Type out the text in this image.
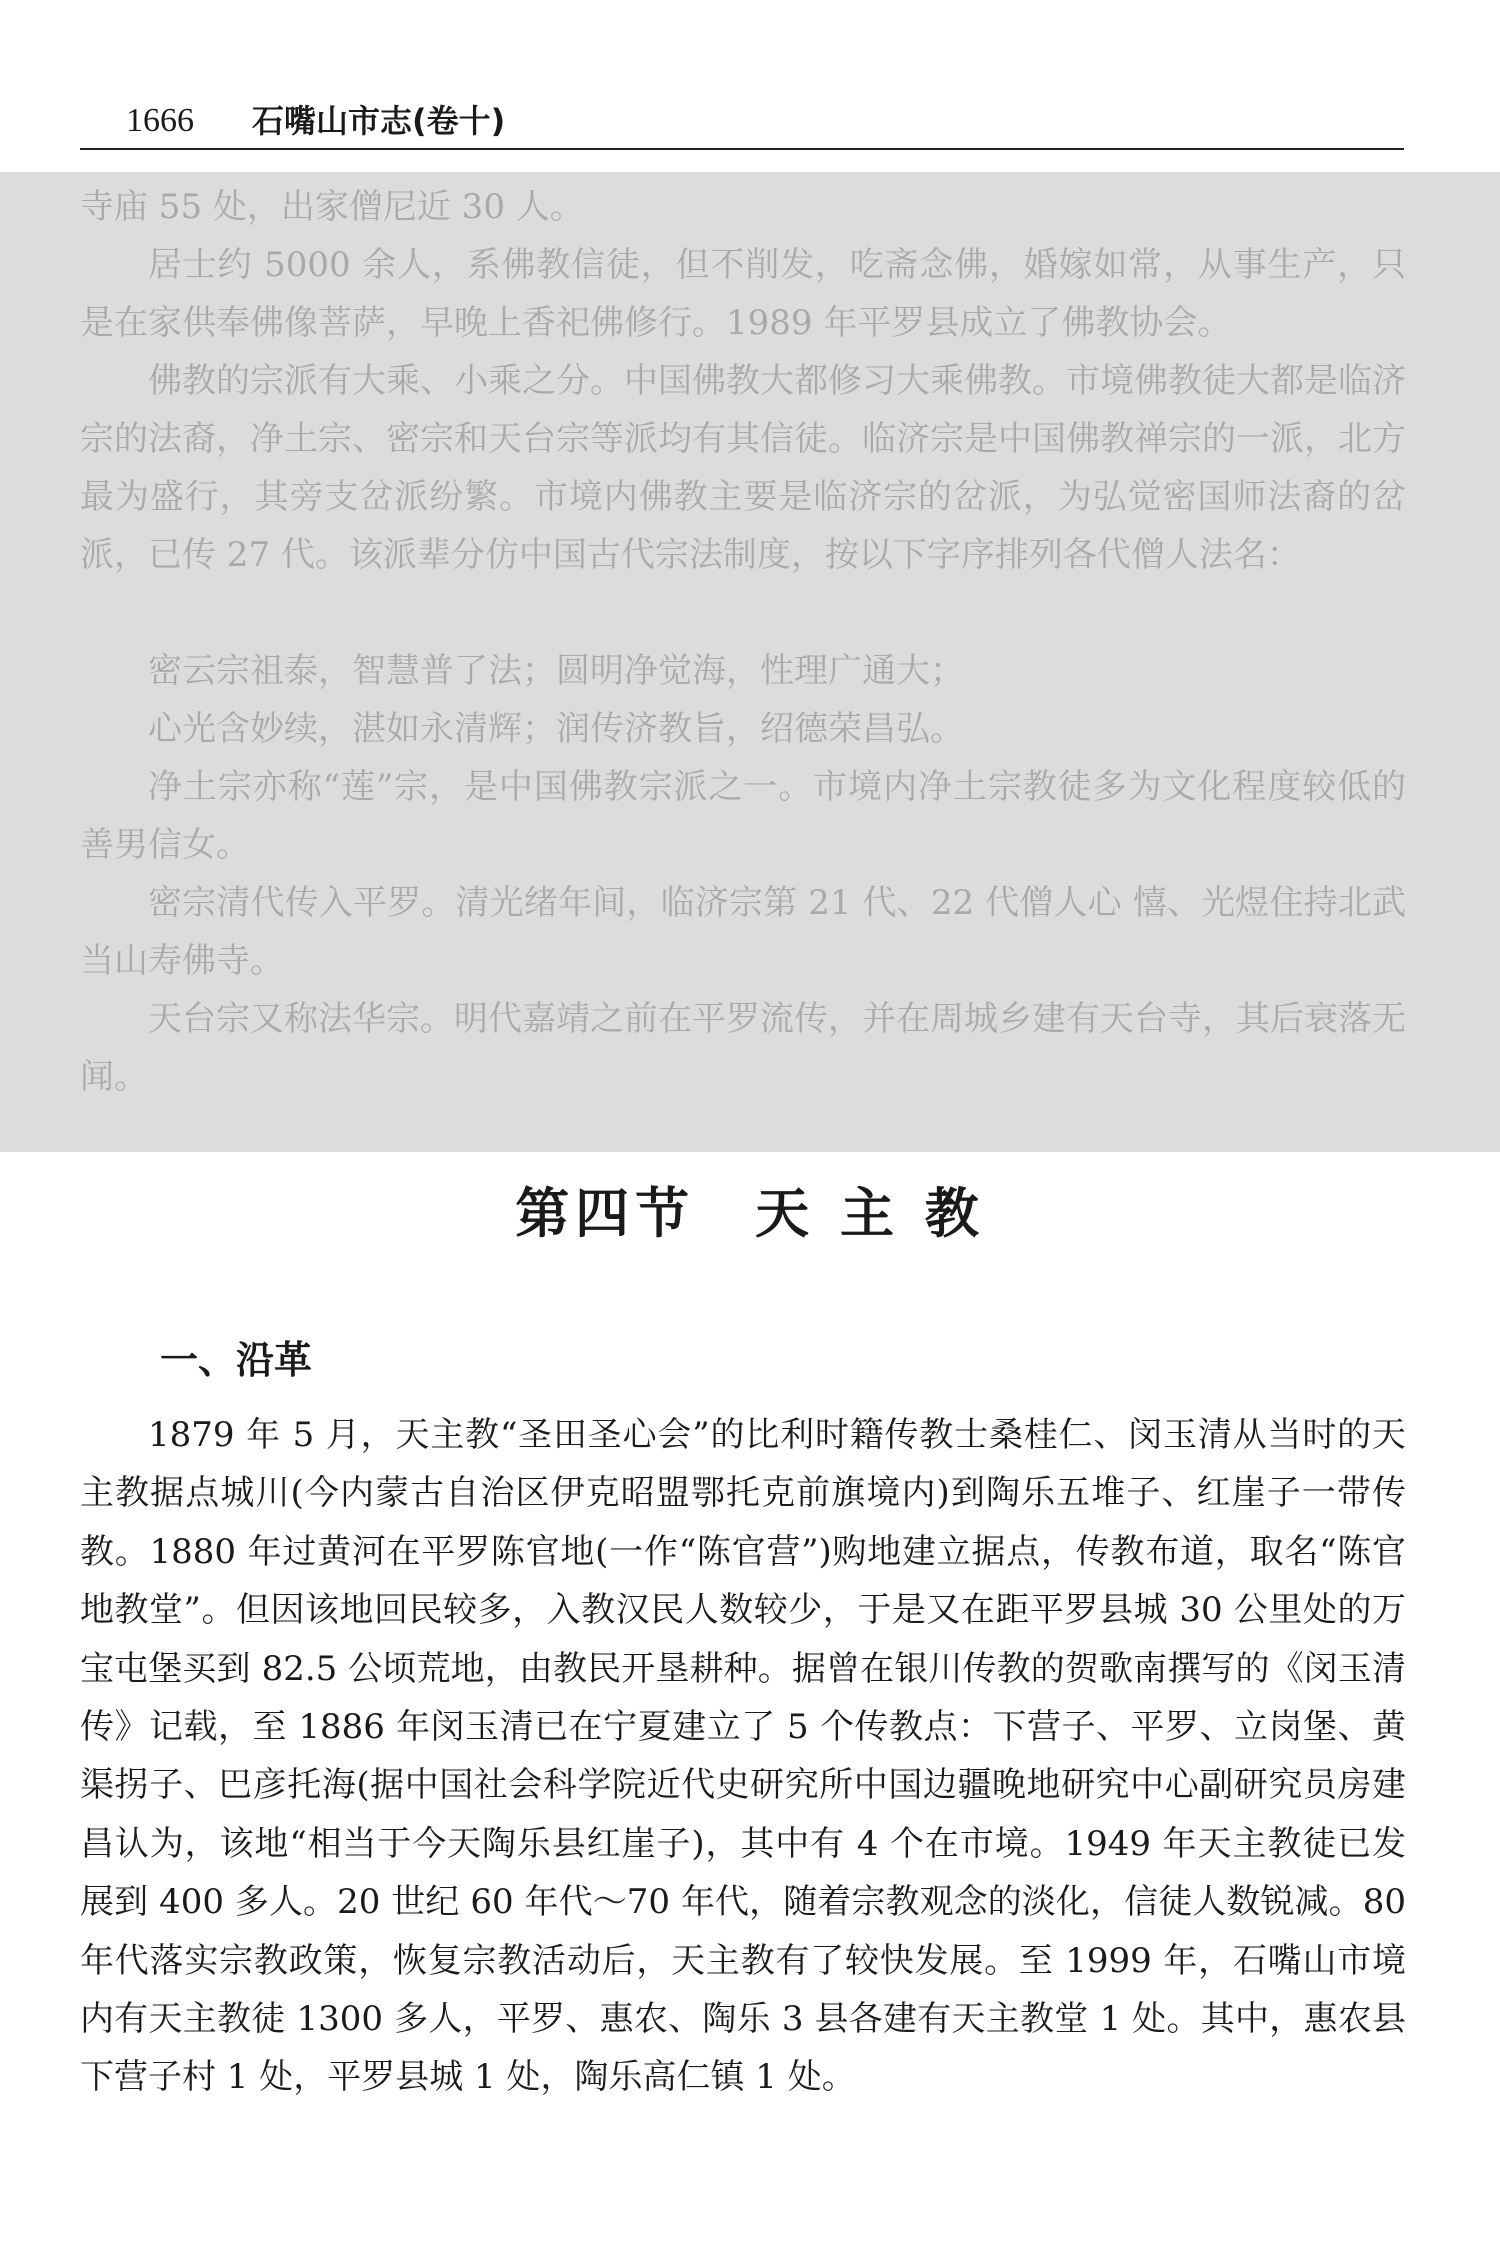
1666 石嘴山市志(卷十)

寺庙 55 处，出家僧尼近 30 人。

居士约 5000 余人，系佛教信徒，但不削发，吃斋念佛，婚嫁如常，从事生产，只是在家供奉佛像菩萨，早晚上香祀佛修行。1989 年平罗县成立了佛教协会。

佛教的宗派有大乘、小乘之分。中国佛教大都修习大乘佛教。市境佛教徒大都是临济宗的法裔，净土宗、密宗和天台宗等派均有其信徒。临济宗是中国佛教禅宗的一派，北方最为盛行，其旁支岔派纷繁。市境内佛教主要是临济宗的岔派，为弘觉密国师法裔的岔派，已传 27 代。该派辈分仿中国古代宗法制度，按以下字序排列各代僧人法名：

密云宗祖泰，智慧普了法；圆明净觉海，性理广通大；

心光含妙续，湛如永清辉；润传济教旨，绍德荣昌弘。

净土宗亦称“莲”宗，是中国佛教宗派之一。市境内净土宗教徒多为文化程度较低的善男信女。

密宗清代传入平罗。清光绪年间，临济宗第 21 代、22 代僧人心 憘、光煜住持北武当山寿佛寺。

天台宗又称法华宗。明代嘉靖之前在平罗流传，并在周城乡建有天台寺，其后衰落无闻。

第四节　天 主 教
一、沿革

1879 年 5 月，天主教“圣田圣心会”的比利时籍传教士桑桂仁、闵玉清从当时的天主教据点城川(今内蒙古自治区伊克昭盟鄂托克前旗境内)到陶乐五堆子、红崖子一带传教。1880 年过黄河在平罗陈官地(一作“陈官营”)购地建立据点，传教布道，取名“陈官地教堂”。但因该地回民较多，入教汉民人数较少，于是又在距平罗县城 30 公里处的万宝屯堡买到 82.5 公顷荒地，由教民开垦耕种。据曾在银川传教的贺歌南撰写的《闵玉清传》记载，至 1886 年闵玉清已在宁夏建立了 5 个传教点：下营子、平罗、立岗堡、黄渠拐子、巴彦托海(据中国社会科学院近代史研究所中国边疆晚地研究中心副研究员房建昌认为，该地“相当于今天陶乐县红崖子)，其中有 4 个在市境。1949 年天主教徒已发展到 400 多人。20 世纪 60 年代～70 年代，随着宗教观念的淡化，信徒人数锐减。80 年代落实宗教政策，恢复宗教活动后，天主教有了较快发展。至 1999 年，石嘴山市境内有天主教徒 1300 多人，平罗、惠农、陶乐 3 县各建有天主教堂 1 处。其中，惠农县下营子村 1 处，平罗县城 1 处，陶乐高仁镇 1 处。
